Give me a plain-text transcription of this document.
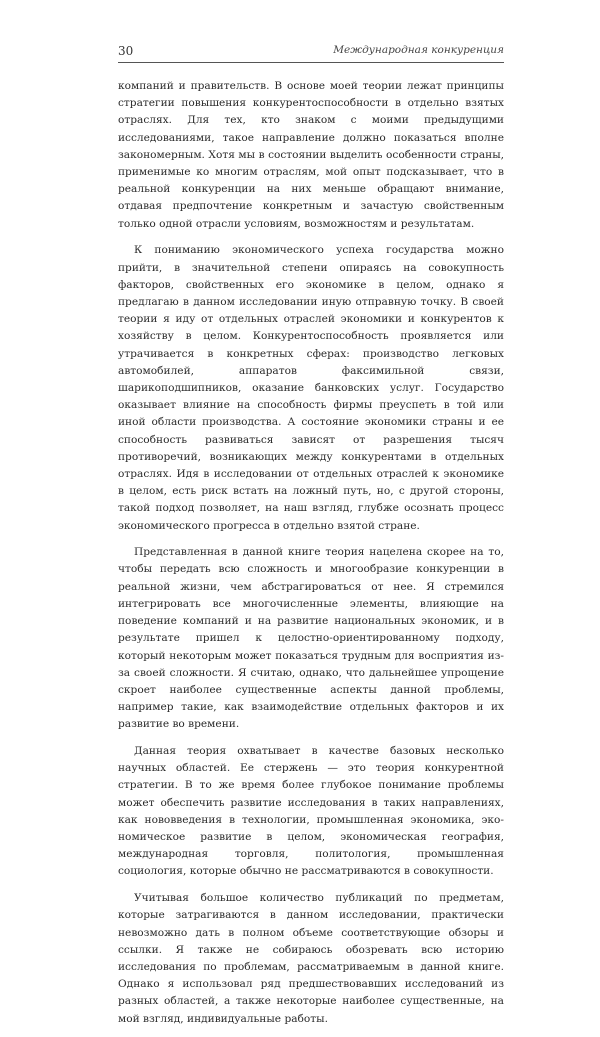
30	Международная конкуренция

компаний и правительств. В основе моей теории лежат принципы стратегии повышения конкурентоспособности в отдельно взятых отраслях. Для тех, кто знаком с моими предыдущими исследованиями, такое направление должно показаться вполне закономерным. Хотя мы в состоянии выделить особенности страны, применимые ко многим отраслям, мой опыт подсказывает, что в реальной конкуренции на них меньше обращают внимание, отдавая предпочтение конкретным и зачастую свойственным только одной отрасли условиям, возможностям и результатам.

К пониманию экономического успеха государства можно прийти, в значительной степени опираясь на совокупность факторов, свойственных его экономике в целом, однако я предлагаю в данном исследовании иную отправную точку. В своей теории я иду от отдельных отраслей экономики и конкурентов к хозяйству в целом. Конкурентоспособность проявляется или утрачивается в конкретных сферах: производство легковых автомобилей, аппаратов факсимильной связи, шарикоподшипников, оказание банковских услуг. Государство оказывает влияние на способность фирмы преуспеть в той или иной области производства. А состояние экономики страны и ее способность развиваться зависят от разрешения тысяч противоречий, возникающих между конкурентами в отдельных отраслях. Идя в исследовании от отдельных отраслей к экономике в целом, есть риск встать на ложный путь, но, с другой стороны, такой подход позволяет, на наш взгляд, глубже осознать процесс экономического прогресса в отдельно взятой стране.

Представленная в данной книге теория нацелена скорее на то, чтобы передать всю сложность и многообразие конкуренции в реальной жизни, чем абстрагироваться от нее. Я стремился интегрировать все многочисленные элементы, влияющие на поведение компаний и на развитие национальных экономик, и в результате пришел к целостно-ориентированному подходу, который некоторым может показаться трудным для восприятия из-за своей сложности. Я считаю, однако, что дальнейшее упрощение скроет наиболее существенные аспекты данной проблемы, например такие, как взаимодействие отдельных факторов и их развитие во времени.

Данная теория охватывает в качестве базовых несколько научных областей. Ее стержень — это теория конкурентной стратегии. В то же время более глубокое понимание проблемы может обеспечить развитие исследования в таких направлениях, как нововведения в технологии, промышленная экономика, экономическое развитие в целом, экономическая география, международная торговля, политология, промышленная социология, которые обычно не рассматриваются в совокупности.

Учитывая большое количество публикаций по предметам, которые затрагиваются в данном исследовании, практически невозможно дать в полном объеме соответствующие обзоры и ссылки. Я также не собираюсь обозревать всю историю исследования по проблемам, рассматриваемым в данной книге. Однако я использовал ряд предшествовавших исследований из разных областей, а также некоторые наиболее существенные, на мой взгляд, индивидуальные работы.
